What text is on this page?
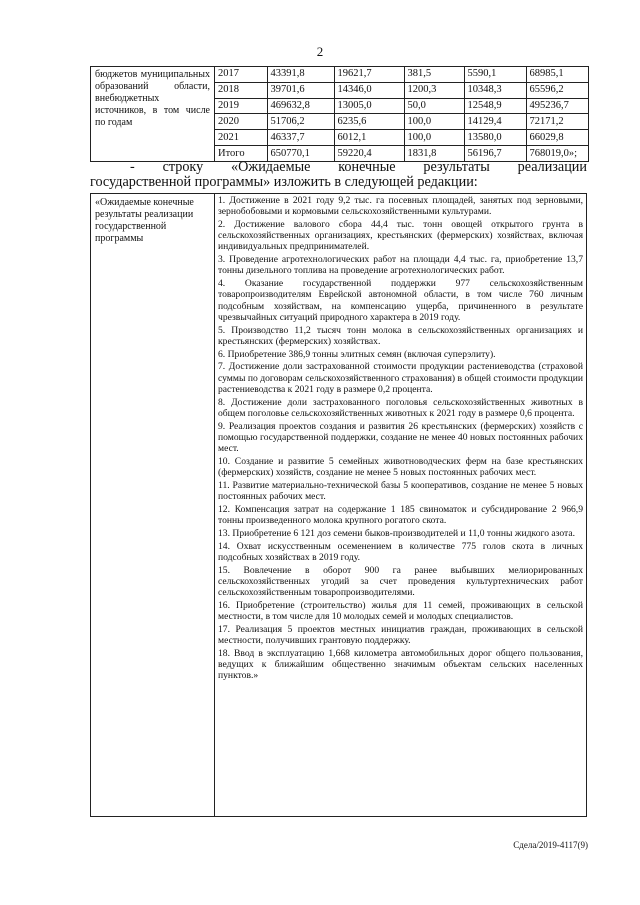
2
бюджетов муниципальных образований области, внебюджетных источников, в том числе по годам
2017	43391,8	19621,7	381,5	5590,1	68985,1
2018	39701,6	14346,0	1200,3	10348,3	65596,2
2019	469632,8	13005,0	50,0	12548,9	495236,7
2020	51706,2	6235,6	100,0	14129,4	72171,2
2021	46337,7	6012,1	100,0	13580,0	66029,8
Итого	650770,1	59220,4	1831,8	56196,7	768019,0»;
- строку «Ожидаемые конечные результаты реализации
государственной программы» изложить в следующей редакции:
«Ожидаемые конечные результаты реализации государственной программы

1. Достижение в 2021 году 9,2 тыс. га посевных площадей, занятых под зерновыми, зернобобовыми и кормовыми сельскохозяйственными культурами.

2. Достижение валового сбора 44,4 тыс. тонн овощей открытого грунта в сельскохозяйственных организациях, крестьянских (фермерских) хозяйствах, включая индивидуальных предпринимателей.

3. Проведение агротехнологических работ на площади 4,4 тыс. га, приобретение 13,7 тонны дизельного топлива на проведение агротехнологических работ.

4. Оказание государственной поддержки 977 сельскохозяйственным товаропроизводителям Еврейской автономной области, в том числе 760 личным подсобным хозяйствам, на компенсацию ущерба, причиненного в результате чрезвычайных ситуаций природного характера в 2019 году.

5. Производство 11,2 тысяч тонн молока в сельскохозяйственных организациях и крестьянских (фермерских) хозяйствах.

6. Приобретение 386,9 тонны элитных семян (включая суперэлиту).

7. Достижение доли застрахованной стоимости продукции растениеводства (страховой суммы по договорам сельскохозяйственного страхования) в общей стоимости продукции растениеводства к 2021 году в размере 0,2 процента.

8. Достижение доли застрахованного поголовья сельскохозяйственных животных в общем поголовье сельскохозяйственных животных к 2021 году в размере 0,6 процента.

9. Реализация проектов создания и развития 26 крестьянских (фермерских) хозяйств с помощью государственной поддержки, создание не менее 40 новых постоянных рабочих мест.

10. Создание и развитие 5 семейных животноводческих ферм на базе крестьянских (фермерских) хозяйств, создание не менее 5 новых постоянных рабочих мест.

11. Развитие материально-технической базы 5 кооперативов, создание не менее 5 новых постоянных рабочих мест.

12. Компенсация затрат на содержание 1 185 свиноматок и субсидирование 2 966,9 тонны произведенного молока крупного рогатого скота.

13. Приобретение 6 121 доз семени быков-производителей и 11,0 тонны жидкого азота.

14. Охват искусственным осеменением в количестве 775 голов скота в личных подсобных хозяйствах в 2019 году.

15. Вовлечение в оборот 900 га ранее выбывших мелиорированных сельскохозяйственных угодий за счет проведения культуртехнических работ сельскохозяйственным товаропроизводителями.

16. Приобретение (строительство) жилья для 11 семей, проживающих в сельской местности, в том числе для 10 молодых семей и молодых специалистов.

17. Реализация 5 проектов местных инициатив граждан, проживающих в сельской местности, получивших грантовую поддержку.

18. Ввод в эксплуатацию 1,668 километра автомобильных дорог общего пользования, ведущих к ближайшим общественно значимым объектам сельских населенных пунктов.»

Сдела/2019-4117(9)
